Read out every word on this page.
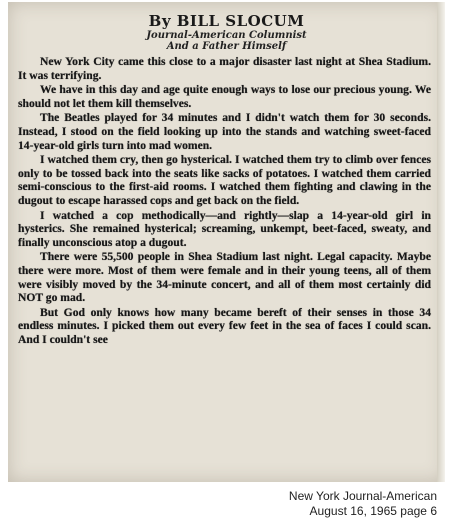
By BILL SLOCUM
Journal-American Columnist
And a Father Himself

New York City came this close to a major disaster last night at Shea Stadium. It was terrifying.

We have in this day and age quite enough ways to lose our precious young. We should not let them kill themselves.

The Beatles played for 34 minutes and I didn't watch them for 30 seconds. Instead, I stood on the field looking up into the stands and watching sweet-faced 14-year-old girls turn into mad women.

I watched them cry, then go hysterical. I watched them try to climb over fences only to be tossed back into the seats like sacks of potatoes. I watched them carried semi-conscious to the first-aid rooms. I watched them fighting and clawing in the dugout to escape harassed cops and get back on the field.

I watched a cop methodically—and rightly—slap a 14-year-old girl in hysterics. She remained hysterical; screaming, unkempt, beet-faced, sweaty, and finally unconscious atop a dugout.

There were 55,500 people in Shea Stadium last night. Legal capacity. Maybe there were more. Most of them were female and in their young teens, all of them were visibly moved by the 34-minute concert, and all of them most certainly did NOT go mad.

But God only knows how many became bereft of their senses in those 34 endless minutes. I picked them out every few feet in the sea of faces I could scan. And I couldn't see

New York Journal-American
August 16, 1965 page 6
